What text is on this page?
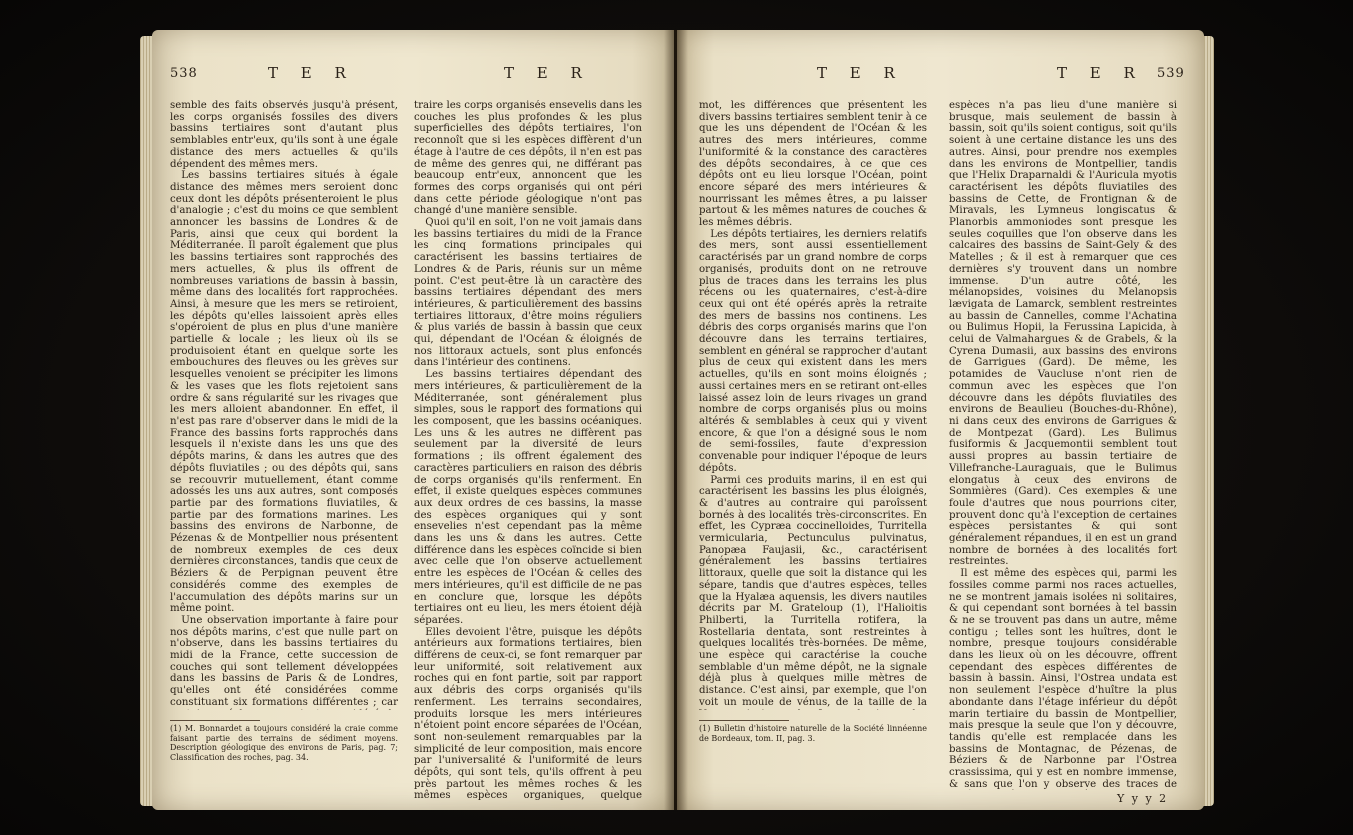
538	T E R	T E R

semble des faits observés jusqu'à présent, les corps organisés fossiles des divers bassins tertiaires sont d'autant plus semblables entr'eux, qu'ils sont à une égale distance des mers actuelles & qu'ils dépendent des mêmes mers.

Les bassins tertiaires situés à égale distance des mêmes mers seroient donc ceux dont les dépôts présenteroient le plus d'analogie ; c'est du moins ce que semblent annoncer les bassins de Londres & de Paris, ainsi que ceux qui bordent la Méditerranée. Il paroît également que plus les bassins tertiaires sont rapprochés des mers actuelles, & plus ils offrent de nombreuses variations de bassin à bassin, même dans des localités fort rapprochées. Ainsi, à mesure que les mers se retiroient, les dépôts qu'elles laissoient après elles s'opéroient de plus en plus d'une manière partielle & locale ; les lieux où ils se produisoient étant en quelque sorte les embouchures des fleuves ou les grèves sur lesquelles venoient se précipiter les limons & les vases que les flots rejetoient sans ordre & sans régularité sur les rivages que les mers alloient abandonner. En effet, il n'est pas rare d'observer dans le midi de la France des bassins forts rapprochés dans lesquels il n'existe dans les uns que des dépôts marins, & dans les autres que des dépôts fluviatiles ; ou des dépôts qui, sans se recouvrir mutuellement, étant comme adossés les uns aux autres, sont composés partie par des formations fluviatiles, & partie par des formations marines. Les bassins des environs de Narbonne, de Pézenas & de Montpellier nous présentent de nombreux exemples de ces deux dernières circonstances, tandis que ceux de Béziers & de Perpignan peuvent être considérés comme des exemples de l'accumulation des dépôts marins sur un même point.

Une observation importante à faire pour nos dépôts marins, c'est que nulle part on n'observe, dans les bassins tertiaires du midi de la France, cette succession de couches qui sont tellement développées dans les bassins de Paris & de Londres, qu'elles ont été considérées comme constituant six formations différentes ; car

traire les corps organisés ensevelis dans les couches les plus profondes & les plus superficielles des dépôts tertiaires, l'on reconnoît que si les espèces diffèrent d'un étage à l'autre de ces dépôts, il n'en est pas de même des genres qui, ne différant pas beaucoup entr'eux, annoncent que les formes des corps organisés qui ont péri dans cette période géologique n'ont pas changé d'une manière sensible.

Quoi qu'il en soit, l'on ne voit jamais dans les bassins tertiaires du midi de la France les cinq formations principales qui caractérisent les bassins tertiaires de Londres & de Paris, réunis sur un même point. C'est peut-être là un caractère des bassins tertiaires dépendant des mers intérieures, & particulièrement des bassins tertiaires littoraux, d'être moins réguliers & plus variés de bassin à bassin que ceux qui, dépendant de l'Océan & éloignés de nos littoraux actuels, sont plus enfoncés dans l'intérieur des continens.

Les bassins tertiaires dépendant des mers intérieures, & particulièrement de la Méditerranée, sont généralement plus simples, sous le rapport des formations qui les composent, que les bassins océaniques. Les uns & les autres ne diffèrent pas seulement par la diversité de leurs formations ; ils offrent également des caractères particuliers en raison des débris de corps organisés qu'ils renferment. En effet, il existe quelques espèces communes aux deux ordres de ces bassins, la masse des espèces organiques qui y sont ensevelies n'est cependant pas la même dans les uns & dans les autres. Cette différence dans les espèces coïncide si bien avec celle que l'on observe actuellement entre les espèces de l'Océan & celles des mers intérieures, qu'il est difficile de ne pas en conclure que, lorsque les dépôts tertiaires ont eu lieu, les mers étoient déjà séparées.

Elles devoient l'être, puisque les dépôts antérieurs aux formations tertiaires, bien différens de ceux-ci, se font remarquer par leur uniformité, soit relativement aux roches qui en font partie, soit par rapport aux débris des corps organisés qu'ils renferment. Les terrains secondaires, produits lorsque les mers intérieures n'étoient point encore séparées de l'Océan, sont non-seulement remarquables par la simplicité de leur composition, mais encore par l'universalité & l'uniformité de leurs dépôts, qui sont tels, qu'ils offrent à peu près partout les mêmes roches & les mêmes espèces organiques, quelque

(1) M. Bonnardet a toujours considéré la craie comme faisant partie des terrains de sédiment moyens. Description géologique des environs de Paris, pag. 7; Classification des roches, pag. 34.
T E R	T E R 539

mot, les différences que présentent les divers bassins tertiaires semblent tenir à ce que les uns dépendent de l'Océan & les autres des mers intérieures, comme l'uniformité & la constance des caractères des dépôts secondaires, à ce que ces dépôts ont eu lieu lorsque l'Océan, point encore séparé des mers intérieures & nourrissant les mêmes êtres, a pu laisser partout & les mêmes natures de couches & les mêmes débris.

Les dépôts tertiaires, les derniers relatifs des mers, sont aussi essentiellement caractérisés par un grand nombre de corps organisés, produits dont on ne retrouve plus de traces dans les terrains les plus récens ou les quaternaires, c'est-à-dire ceux qui ont été opérés après la retraite des mers de bassins nos continens. Les débris des corps organisés marins que l'on découvre dans les terrains tertiaires, semblent en général se rapprocher d'autant plus de ceux qui existent dans les mers actuelles, qu'ils en sont moins éloignés ; aussi certaines mers en se retirant ont-elles laissé assez loin de leurs rivages un grand nombre de corps organisés plus ou moins altérés & semblables à ceux qui y vivent encore, & que l'on a désigné sous le nom de semi-fossiles, faute d'expression convenable pour indiquer l'époque de leurs dépôts.

Parmi ces produits marins, il en est qui caractérisent les bassins les plus éloignés, & d'autres au contraire qui paroîssent bornés à des localités très-circonscrites. En effet, les Cypræa coccinelloides, Turritella vermicularia, Pectunculus pulvinatus, Panopæa Faujasii, &c., caractérisent généralement les bassins tertiaires littoraux, quelle que soit la distance qui les sépare, tandis que d'autres espèces, telles que la Hyalæa aquensis, les divers nautiles décrits par M. Grateloup (1), l'Halioitis Philberti, la Turritella rotifera, la Rostellaria dentata, sont restreintes à quelques localités très-bornées. De même, une espèce qui caractérise la couche semblable d'un même dépôt, ne la signale déjà plus à quelques mille mètres de distance. C'est ainsi, par exemple, que l'on voit un moule de vénus, de la taille de la

espèces n'a pas lieu d'une manière si brusque, mais seulement de bassin à bassin, soit qu'ils soient contigus, soit qu'ils soient à une certaine distance les uns des autres. Ainsi, pour prendre nos exemples dans les environs de Montpellier, tandis que l'Helix Draparnaldi & l'Auricula myotis caractérisent les dépôts fluviatiles des bassins de Cette, de Frontignan & de Miravals, les Lymneus longiscatus & Planorbis ammoniodes sont presque les seules coquilles que l'on observe dans les calcaires des bassins de Saint-Gely & des Matelles ; & il est à remarquer que ces dernières s'y trouvent dans un nombre immense. D'un autre côté, les mélanopsides, voisines du Melanopsis lævigata de Lamarck, semblent restreintes au bassin de Cannelles, comme l'Achatina ou Bulimus Hopii, la Ferussina Lapicida, à celui de Valmahargues & de Grabels, & la Cyrena Dumasii, aux bassins des environs de Garrigues (Gard). De même, les potamides de Vaucluse n'ont rien de commun avec les espèces que l'on découvre dans les dépôts fluviatiles des environs de Beaulieu (Bouches-du-Rhône), ni dans ceux des environs de Garrigues & de Montpezat (Gard). Les Bulimus fusiformis & Jacquemontii semblent tout aussi propres au bassin tertiaire de Villefranche-Lauraguais, que le Bulimus elongatus à ceux des environs de Sommières (Gard). Ces exemples & une foule d'autres que nous pourrions citer, prouvent donc qu'à l'exception de certaines espèces persistantes & qui sont généralement répandues, il en est un grand nombre de bornées à des localités fort restreintes.

Il est même des espèces qui, parmi les fossiles comme parmi nos races actuelles, ne se montrent jamais isolées ni solitaires, & qui cependant sont bornées à tel bassin & ne se trouvent pas dans un autre, même contigu ; telles sont les huîtres, dont le nombre, presque toujours considérable dans les lieux où on les découvre, offrent cependant des espèces différentes de bassin à bassin. Ainsi, l'Ostrea undata est non seulement l'espèce d'huître la plus abondante dans l'étage inférieur du dépôt marin tertiaire du bassin de Montpellier, mais presque la seule que l'on y découvre, tandis qu'elle est remplacée dans les bassins de Montagnac, de Pézenas, de Béziers & de Narbonne par l'Ostrea crassissima, qui y est en nombre immense, & sans que l'on y observe des traces de

(1) Bulletin d'histoire naturelle de la Société linnéenne de Bordeaux, tom. II, pag. 3.
Y y y 2
